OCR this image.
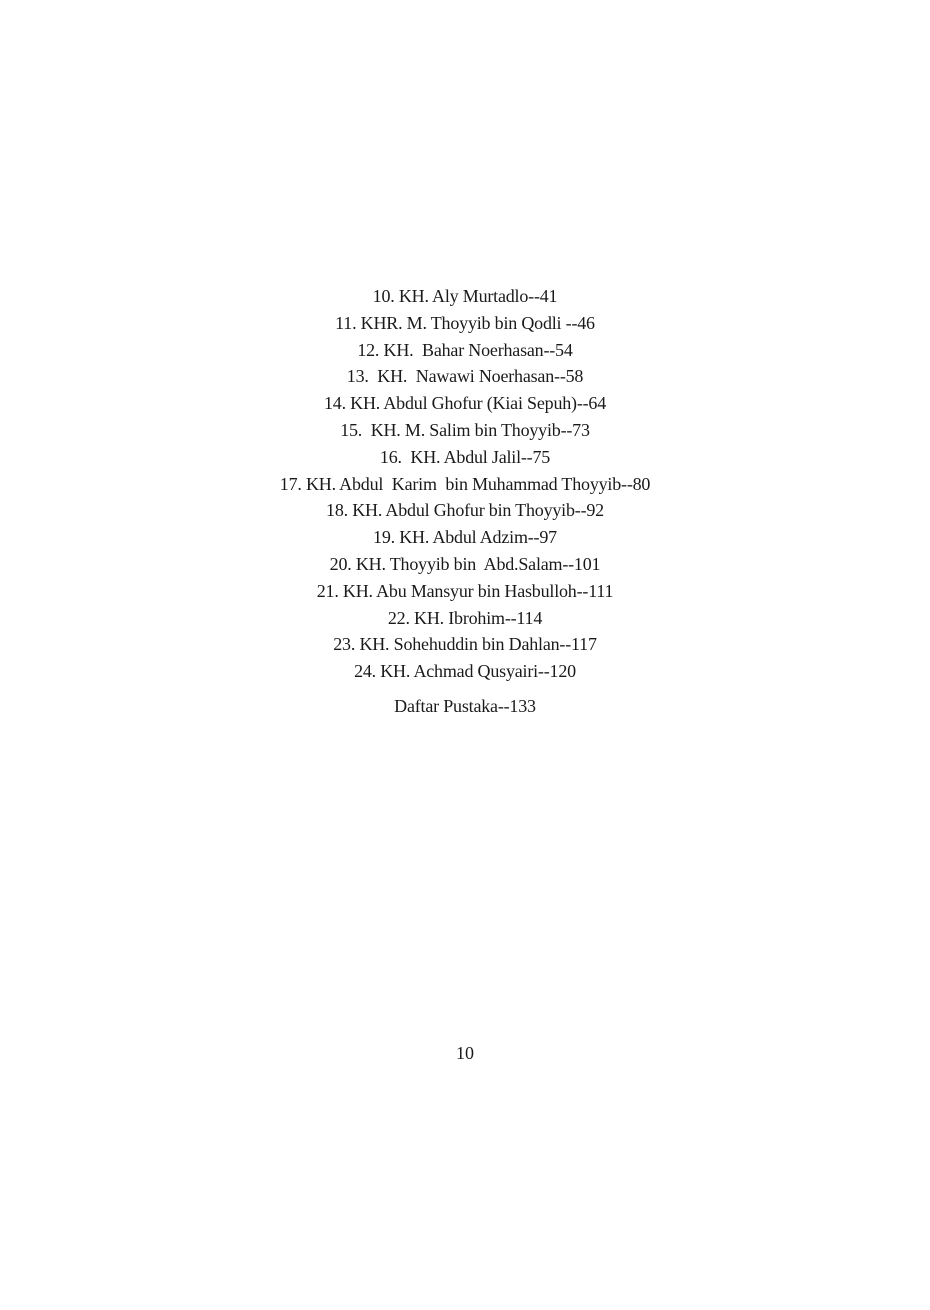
10. KH. Aly Murtadlo--41
11. KHR. M. Thoyyib bin Qodli --46
12. KH.  Bahar Noerhasan--54
13.  KH.  Nawawi Noerhasan--58
14. KH. Abdul Ghofur (Kiai Sepuh)--64
15.  KH. M. Salim bin Thoyyib--73
16.  KH. Abdul Jalil--75
17. KH. Abdul  Karim  bin Muhammad Thoyyib--80
18. KH. Abdul Ghofur bin Thoyyib--92
19. KH. Abdul Adzim--97
20. KH. Thoyyib bin  Abd.Salam--101
21. KH. Abu Mansyur bin Hasbulloh--111
22. KH. Ibrohim--114
23. KH. Sohehuddin bin Dahlan--117
24. KH. Achmad Qusyairi--120
Daftar Pustaka--133
10
